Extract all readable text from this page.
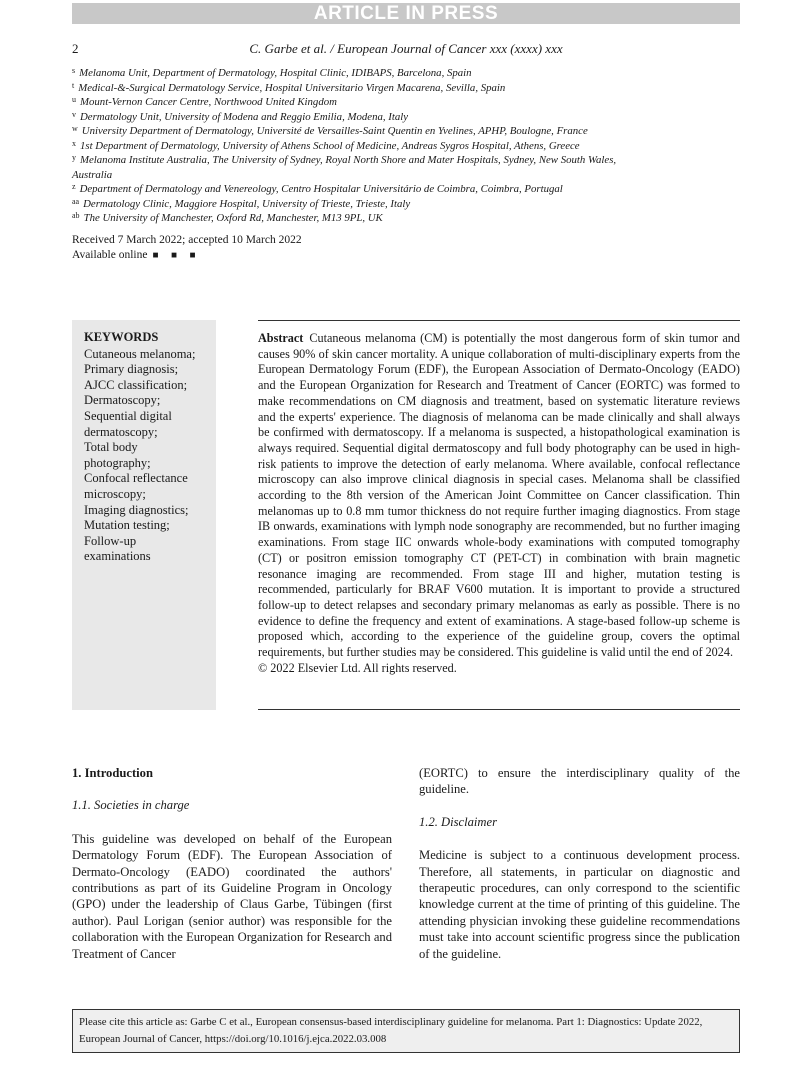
ARTICLE IN PRESS
2	C. Garbe et al. / European Journal of Cancer xxx (xxxx) xxx
$^s$ Melanoma Unit, Department of Dermatology, Hospital Clinic, IDIBAPS, Barcelona, Spain
$^t$ Medical-&-Surgical Dermatology Service, Hospital Universitario Virgen Macarena, Sevilla, Spain
$^u$ Mount-Vernon Cancer Centre, Northwood United Kingdom
$^v$ Dermatology Unit, University of Modena and Reggio Emilia, Modena, Italy
$^w$ University Department of Dermatology, Université de Versailles-Saint Quentin en Yvelines, APHP, Boulogne, France
$^x$ 1st Department of Dermatology, University of Athens School of Medicine, Andreas Sygros Hospital, Athens, Greece
$^y$ Melanoma Institute Australia, The University of Sydney, Royal North Shore and Mater Hospitals, Sydney, New South Wales, Australia
$^z$ Department of Dermatology and Venereology, Centro Hospitalar Universitário de Coimbra, Coimbra, Portugal
$^{aa}$ Dermatology Clinic, Maggiore Hospital, University of Trieste, Trieste, Italy
$^{ab}$ The University of Manchester, Oxford Rd, Manchester, M13 9PL, UK
Received 7 March 2022; accepted 10 March 2022
Available online ■ ■ ■
KEYWORDS
Cutaneous melanoma;
Primary diagnosis;
AJCC classification;
Dermatoscopy;
Sequential digital dermatoscopy;
Total body photography;
Confocal reflectance microscopy;
Imaging diagnostics;
Mutation testing;
Follow-up examinations

Abstract Cutaneous melanoma (CM) is potentially the most dangerous form of skin tumor and causes 90% of skin cancer mortality. A unique collaboration of multi-disciplinary experts from the European Dermatology Forum (EDF), the European Association of Dermato-Oncology (EADO) and the European Organization for Research and Treatment of Cancer (EORTC) was formed to make recommendations on CM diagnosis and treatment, based on systematic literature reviews and the experts' experience. The diagnosis of melanoma can be made clinically and shall always be confirmed with dermatoscopy. If a melanoma is suspected, a histopathological examination is always required. Sequential digital dermatoscopy and full body photography can be used in high-risk patients to improve the detection of early melanoma. Where available, confocal reflectance microscopy can also improve clinical diagnosis in special cases. Melanoma shall be classified according to the 8th version of the American Joint Committee on Cancer classification. Thin melanomas up to 0.8 mm tumor thickness do not require further imaging diagnostics. From stage IB onwards, examinations with lymph node sonography are recommended, but no further imaging examinations. From stage IIC onwards whole-body examinations with computed tomography (CT) or positron emission tomography CT (PET-CT) in combination with brain magnetic resonance imaging are recommended. From stage III and higher, mutation testing is recommended, particularly for BRAF V600 mutation. It is important to provide a structured follow-up to detect relapses and secondary primary melanomas as early as possible. There is no evidence to define the frequency and extent of examinations. A stage-based follow-up scheme is proposed which, according to the experience of the guideline group, covers the optimal requirements, but further studies may be considered. This guideline is valid until the end of 2024.

© 2022 Elsevier Ltd. All rights reserved.

1. Introduction
1.1. Societies in charge

This guideline was developed on behalf of the European Dermatology Forum (EDF). The European Association of Dermato-Oncology (EADO) coordinated the authors' contributions as part of its Guideline Program in Oncology (GPO) under the leadership of Claus Garbe, Tübingen (first author). Paul Lorigan (senior author) was responsible for the collaboration with the European Organization for Research and Treatment of Cancer

(EORTC) to ensure the interdisciplinary quality of the guideline.

1.2. Disclaimer

Medicine is subject to a continuous development process. Therefore, all statements, in particular on diagnostic and therapeutic procedures, can only correspond to the scientific knowledge current at the time of printing of this guideline. The attending physician invoking these guideline recommendations must take into account scientific progress since the publication of the guideline.

Please cite this article as: Garbe C et al., European consensus-based interdisciplinary guideline for melanoma. Part 1: Diagnostics: Update 2022, European Journal of Cancer, https://doi.org/10.1016/j.ejca.2022.03.008
